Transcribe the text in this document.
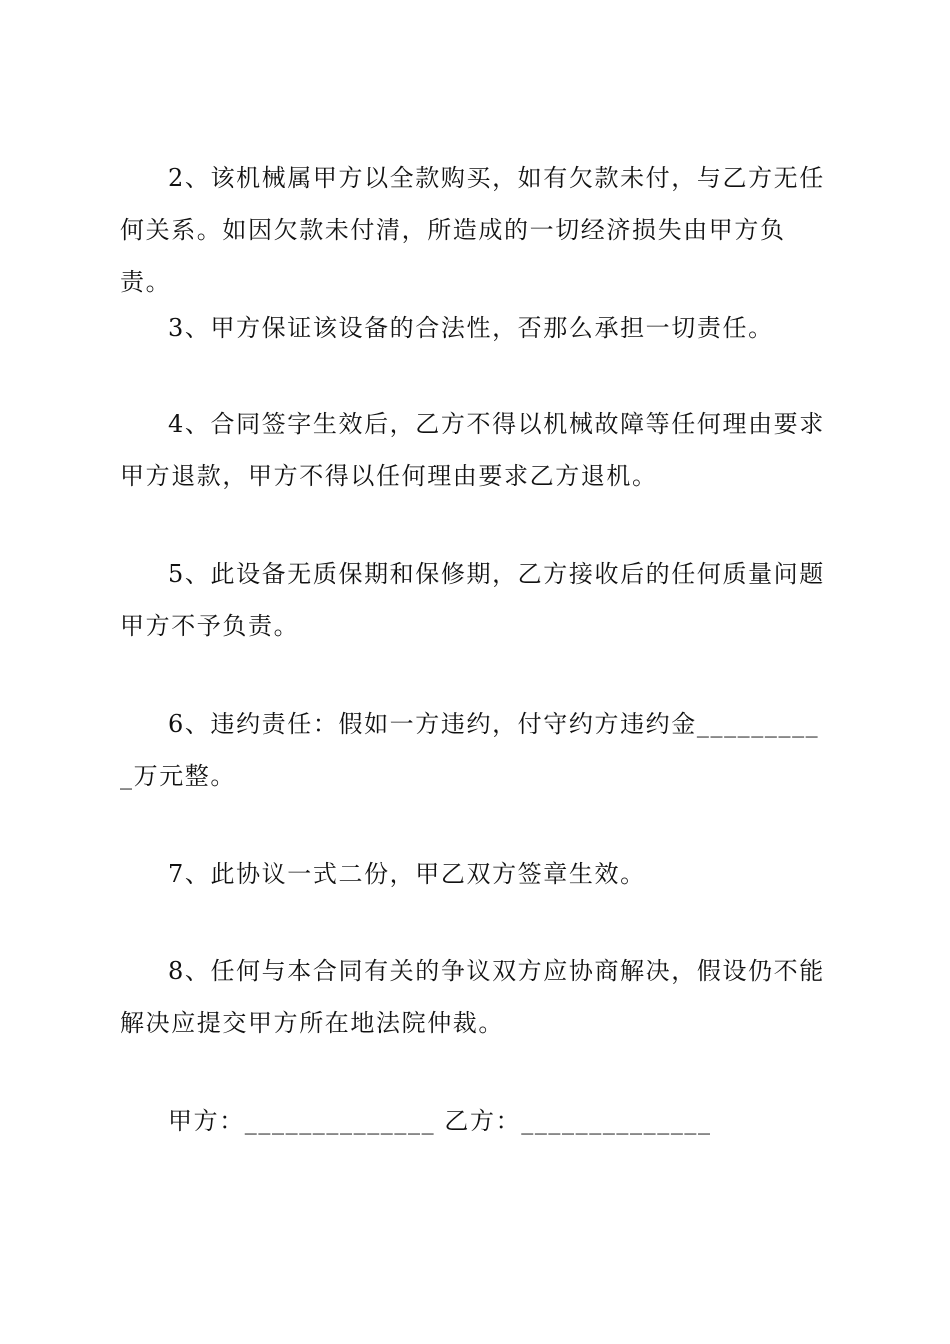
2、该机械属甲方以全款购买，如有欠款未付，与乙方无任何关系。如因欠款未付清，所造成的一切经济损失由甲方负责。

3、甲方保证该设备的合法性，否那么承担一切责任。

4、合同签字生效后，乙方不得以机械故障等任何理由要求 甲方退款，甲方不得以任何理由要求乙方退机。

5、此设备无质保期和保修期，乙方接收后的任何质量问题甲方不予负责。

6、违约责任：假如一方违约，付守约方违约金__________万元整。

7、此协议一式二份，甲乙双方签章生效。

8、任何与本合同有关的争议双方应协商解决，假设仍不能解决应提交甲方所在地法院仲裁。

甲方：______________ 乙方：______________
